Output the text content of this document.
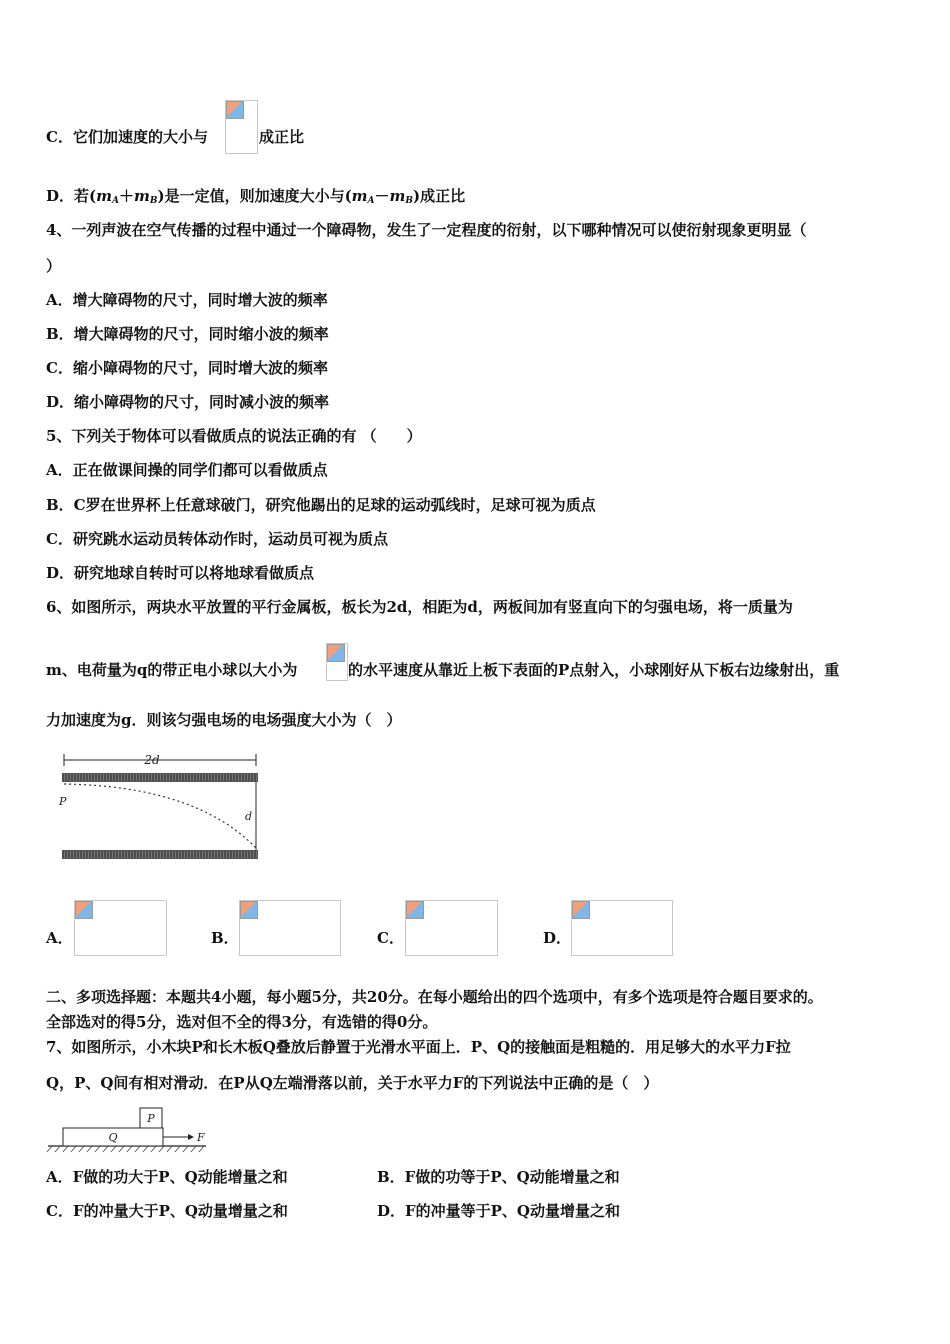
C．它们加速度的大小与	成正比
D．若$(m_A+m_B)$是一定值，则加速度大小与$(m_A-m_B)$成正比
4、一列声波在空气传播的过程中通过一个障碍物，发生了一定程度的衍射，以下哪种情况可以使衍射现象更明显（
）
A．增大障碍物的尺寸，同时增大波的频率
B．增大障碍物的尺寸，同时缩小波的频率
C．缩小障碍物的尺寸，同时增大波的频率
D．缩小障碍物的尺寸，同时减小波的频率
5、下列关于物体可以看做质点的说法正确的有 （　　）
A．正在做课间操的同学们都可以看做质点
B．C罗在世界杯上任意球破门，研究他踢出的足球的运动弧线时，足球可视为质点
C．研究跳水运动员转体动作时，运动员可视为质点
D．研究地球自转时可以将地球看做质点
6、如图所示，两块水平放置的平行金属板，板长为2d，相距为d，两板间加有竖直向下的匀强电场，将一质量为
m、电荷量为q的带正电小球以大小为	的水平速度从靠近上板下表面的P点射入，小球刚好从下板右边缘射出，重
力加速度为g．则该匀强电场的电场强度大小为（　）
2d
d
P
A．	B．	C．	D．
二、多项选择题：本题共4小题，每小题5分，共20分。在每小题给出的四个选项中，有多个选项是符合题目要求的。
全部选对的得5分，选对但不全的得3分，有选错的得0分。
7、如图所示，小木块P和长木板Q叠放后静置于光滑水平面上．P、Q的接触面是粗糙的．用足够大的水平力F拉
Q，P、Q间有相对滑动．在P从Q左端滑落以前，关于水平力F的下列说法中正确的是（　）
Q
P
F
A．F做的功大于P、Q动能增量之和	B．F做的功等于P、Q动能增量之和
C．F的冲量大于P、Q动量增量之和	D．F的冲量等于P、Q动量增量之和
